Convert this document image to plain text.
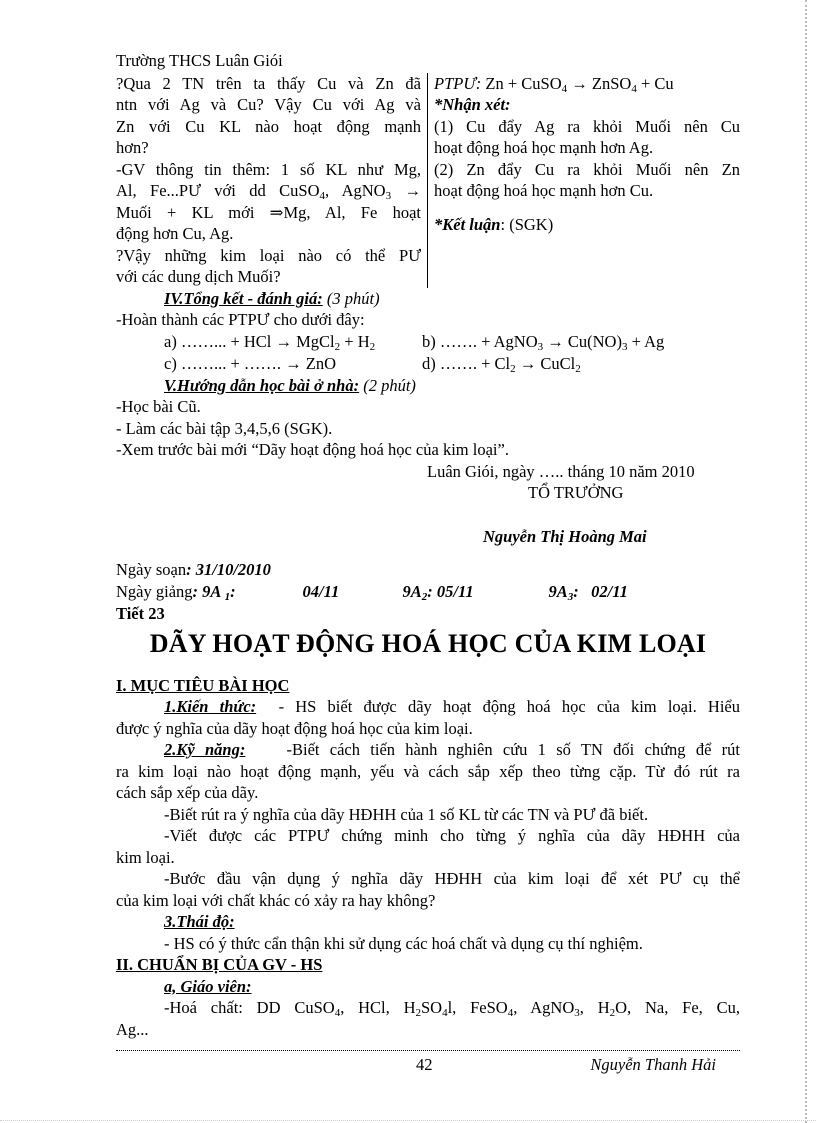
Trường THCS Luân Giói
?Qua 2 TN trên ta thấy Cu và Zn đã
ntn với Ag và Cu? Vậy Cu với Ag và
Zn với Cu KL nào hoạt động mạnh
hơn?
-GV thông tin thêm: 1 số KL như Mg,
Al, Fe...PƯ với dd CuSO$_4$, AgNO$_3$ →
Muối + KL mới ⇒Mg, Al, Fe hoạt
động hơn Cu, Ag.
?Vậy những kim loại nào có thể PƯ
với các dung dịch Muối?
PTPƯ: Zn + CuSO$_4$ → ZnSO$_4$ + Cu
*Nhận xét:
(1) Cu đẩy Ag ra khỏi Muối nên Cu
hoạt động hoá học mạnh hơn Ag.
(2) Zn đẩy Cu ra khỏi Muối nên Zn
hoạt động hoá học mạnh hơn Cu.
*Kết luận: (SGK)
IV.Tổng kết - đánh giá: (3 phút)
-Hoàn thành các PTPƯ cho dưới đây:
a) ……... + HCl → MgCl$_2$ + $H_2$	b) ……. + AgNO$_3$ → $Cu(NO)_3 + Ag$
c) ……... + ……. → ZnO	d) ……. + $Cl_2$ → CuCl$_2$
V.Hướng dẫn học bài ở nhà: (2 phút)
-Học bài Cũ.
- Làm các bài tập 3,4,5,6 (SGK).
-Xem trước bài mới “Dãy hoạt động hoá học của kim loại”.
Luân Giói, ngày ….. tháng 10 năm 2010
TỔ TRƯỞNG
Nguyễn Thị Hoàng Mai
Ngày soạn : 31/10/2010
Ngày giảng : 9A $_1$:	04/11	$9A_2$: 05/11	$9A_3$:   02/11
Tiết 23
DÃY HOẠT ĐỘNG HOÁ HỌC CỦA KIM LOẠI
I. MỤC TIÊU BÀI HỌC
1.Kiến thức: - HS biết được dãy hoạt động hoá học của kim loại. Hiểu
được ý nghĩa của dãy hoạt động hoá học của kim loại.
2.Kỹ năng: -Biết cách tiến hành nghiên cứu 1 số TN đối chứng để rút
ra kim loại nào hoạt động mạnh, yếu và cách sắp xếp theo từng cặp. Từ đó rút ra
cách sắp xếp của dãy.
-Biết rút ra ý nghĩa của dãy HĐHH của 1 số KL từ các TN và PƯ đã biết.
-Viết được các PTPƯ chứng minh cho từng ý nghĩa của dãy HĐHH của
kim loại.
-Bước đầu vận dụng ý nghĩa dãy HĐHH của kim loại để xét PƯ cụ thể
của kim loại với chất khác có xảy ra hay không?
3.Thái độ:
- HS có ý thức cẩn thận khi sử dụng các hoá chất và dụng cụ thí nghiệm.
II. CHUẨN BỊ CỦA GV - HS
a, Giáo viên:
-Hoá chất: DD CuSO$_4$, HCl, $H_2SO_4l$, FeSO$_4$, AgNO$_3$, $H_2O$, Na, Fe, Cu,
Ag...
42	Nguyễn Thanh Hải
